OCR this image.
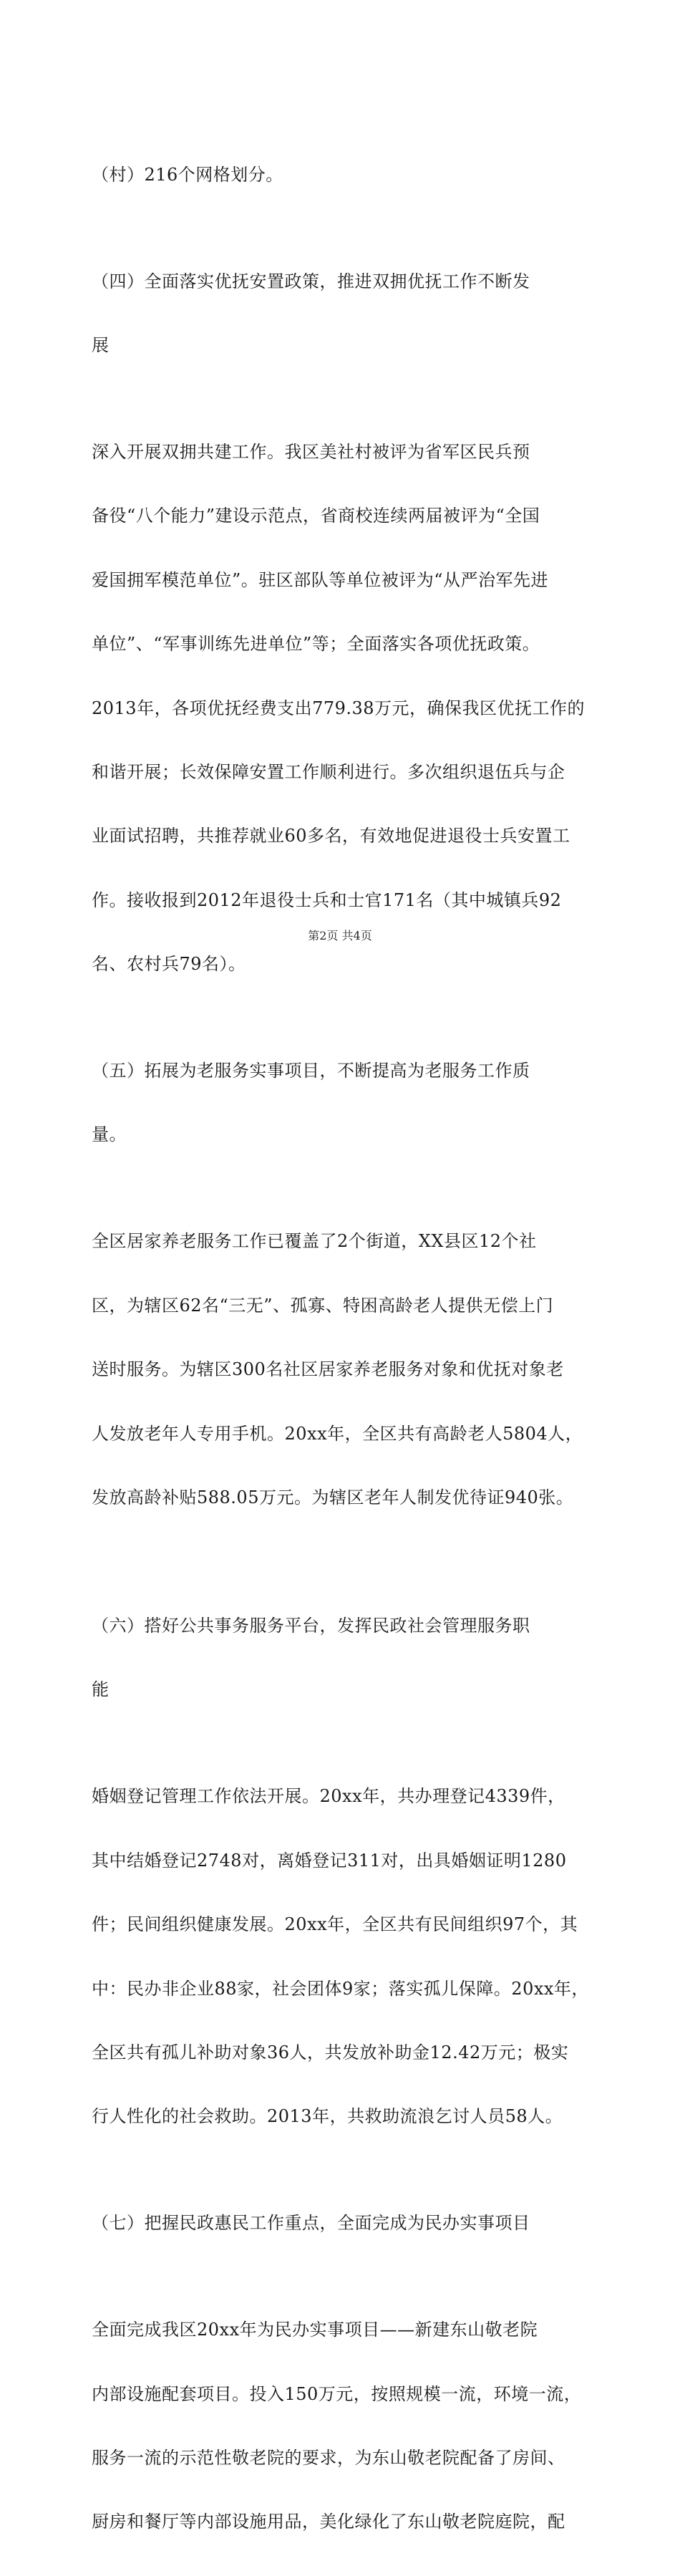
（村）216个网格划分。

（四）全面落实优抚安置政策，推进双拥优抚工作不断发

展

深入开展双拥共建工作。我区美社村被评为省军区民兵预

备役“八个能力”建设示范点，省商校连续两届被评为“全国

爱国拥军模范单位”。驻区部队等单位被评为“从严治军先进

单位”、“军事训练先进单位”等；全面落实各项优抚政策。

2013年，各项优抚经费支出779.38万元，确保我区优抚工作的

和谐开展；长效保障安置工作顺利进行。多次组织退伍兵与企

业面试招聘，共推荐就业60多名，有效地促进退役士兵安置工

作。接收报到2012年退役士兵和士官171名（其中城镇兵92

名、农村兵79名）。

（五）拓展为老服务实事项目，不断提高为老服务工作质

量。

全区居家养老服务工作已覆盖了2个街道，XX县区12个社

区，为辖区62名“三无”、孤寡、特困高龄老人提供无偿上门

送时服务。为辖区300名社区居家养老服务对象和优抚对象老

人发放老年人专用手机。20xx年，全区共有高龄老人5804人，

发放高龄补贴588.05万元。为辖区老年人制发优待证940张。

（六）搭好公共事务服务平台，发挥民政社会管理服务职

能

婚姻登记管理工作依法开展。20xx年，共办理登记4339件，

其中结婚登记2748对，离婚登记311对，出具婚姻证明1280

件；民间组织健康发展。20xx年，全区共有民间组织97个，其

中：民办非企业88家，社会团体9家；落实孤儿保障。20xx年，

全区共有孤儿补助对象36人，共发放补助金12.42万元；极实

行人性化的社会救助。2013年，共救助流浪乞讨人员58人。

（七）把握民政惠民工作重点，全面完成为民办实事项目

全面完成我区20xx年为民办实事项目——新建东山敬老院

内部设施配套项目。投入150万元，按照规模一流，环境一流，

服务一流的示范性敬老院的要求，为东山敬老院配备了房间、

厨房和餐厅等内部设施用品，美化绿化了东山敬老院庭院，配

第2页 共4页
